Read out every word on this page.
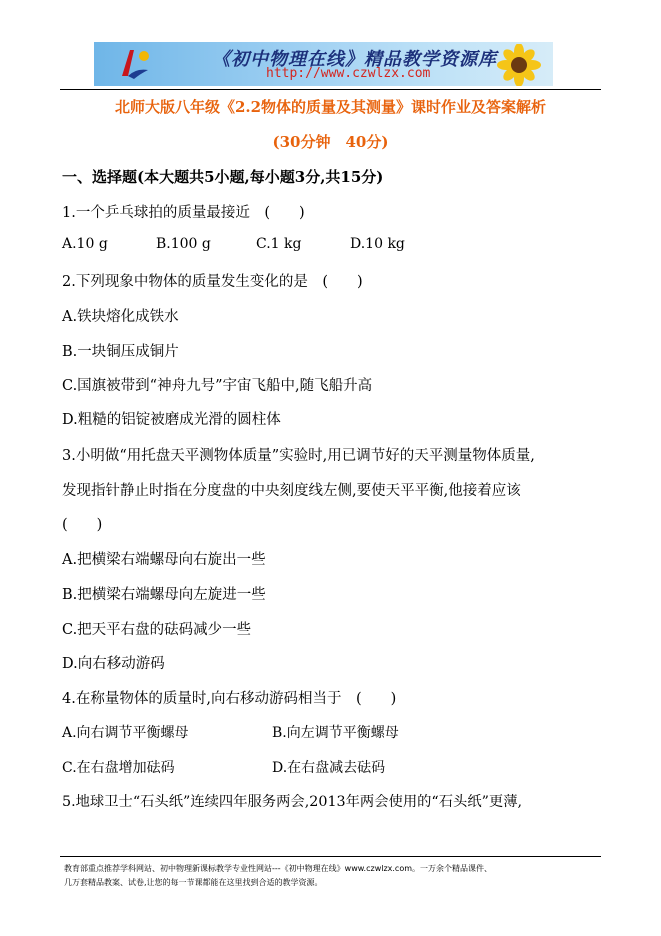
《初中物理在线》精品教学资源库
http://www.czwlzx.com
北师大版八年级《2.2物体的质量及其测量》课时作业及答案解析
(30分钟　40分)
一、选择题(本大题共5小题,每小题3分,共15分)
1.一个乒乓球拍的质量最接近　(　　)
A.10 g	B.100 g	C.1 kg	D.10 kg
2.下列现象中物体的质量发生变化的是　(　　)
A.铁块熔化成铁水
B.一块铜压成铜片
C.国旗被带到“神舟九号”宇宙飞船中,随飞船升高
D.粗糙的铝锭被磨成光滑的圆柱体
3.小明做“用托盘天平测物体质量”实验时,用已调节好的天平测量物体质量,
发现指针静止时指在分度盘的中央刻度线左侧,要使天平平衡,他接着应该
(　　)
A.把横梁右端螺母向右旋出一些
B.把横梁右端螺母向左旋进一些
C.把天平右盘的砝码减少一些
D.向右移动游码
4.在称量物体的质量时,向右移动游码相当于　(　　)
A.向右调节平衡螺母	B.向左调节平衡螺母
C.在右盘增加砝码	D.在右盘减去砝码
5.地球卫士“石头纸”连续四年服务两会,2013年两会使用的“石头纸”更薄,
教育部重点推荐学科网站、初中物理新课标教学专业性网站---《初中物理在线》www.czwlzx.com。一万余个精品课件、
几万套精品教案、试卷,让您的每一节课都能在这里找到合适的教学资源。
